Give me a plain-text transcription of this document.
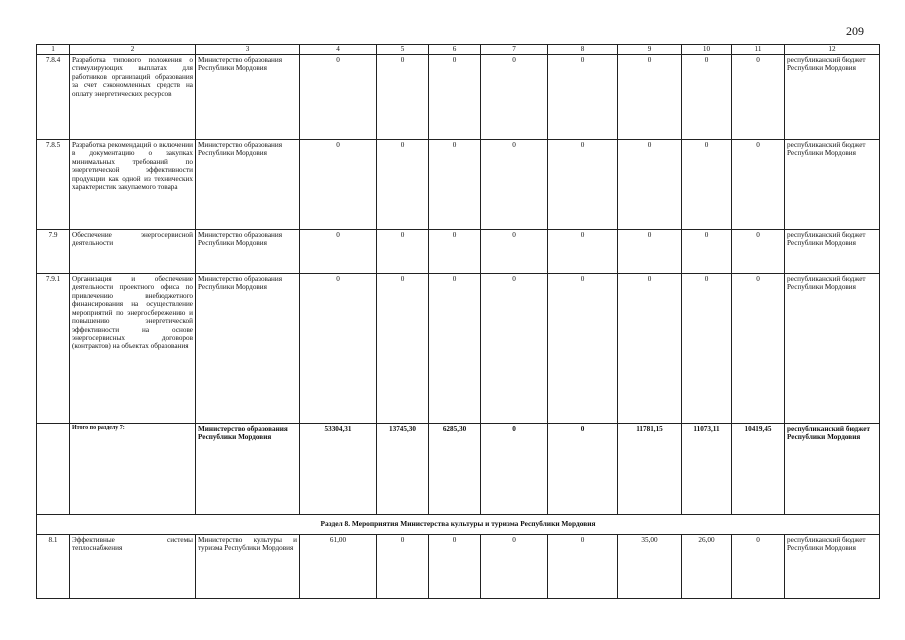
209
1	2	3	4	5	6	7	8	9	10	11	12
7.8.4	Разработка типового положения о стимулирующих выплатах для работников организаций образования за счет сэкономленных средств на оплату энергетических ресурсов	Министерство образования Республики Мордовия	0	0	0	0	0	0	0	0	республиканский бюджет Республики Мордовия
7.8.5	Разработка рекомендаций о включении в документацию о закупках минимальных требований по энергетической эффективности продукции как одной из технических характеристик закупаемого товара	Министерство образования Республики Мордовия	0	0	0	0	0	0	0	0	республиканский бюджет Республики Мордовия
7.9	Обеспечение энергосервисной деятельности	Министерство образования Республики Мордовия	0	0	0	0	0	0	0	0	республиканский бюджет Республики Мордовия
7.9.1	Организация и обеспечение деятельности проектного офиса по привлечению внебюджетного финансирования на осуществление мероприятий по энергосбережению и повышению энергетической эффективности на основе энергосервисных договоров (контрактов) на объектах образования	Министерство образования Республики Мордовия	0	0	0	0	0	0	0	0	республиканский бюджет Республики Мордовия
	Итого по разделу 7:	Министерство образования Республики Мордовия	53304,31	13745,30	6285,30	0	0	11781,15	11073,11	10419,45	республиканский бюджет Республики Мордовия
Раздел 8. Мероприятия Министерства культуры и туризма Республики Мордовия											
8.1	Эффективные системы теплоснабжения	Министерство культуры и туризма Республики Мордовия	61,00	0	0	0	0	35,00	26,00	0	республиканский бюджет Республики Мордовия
